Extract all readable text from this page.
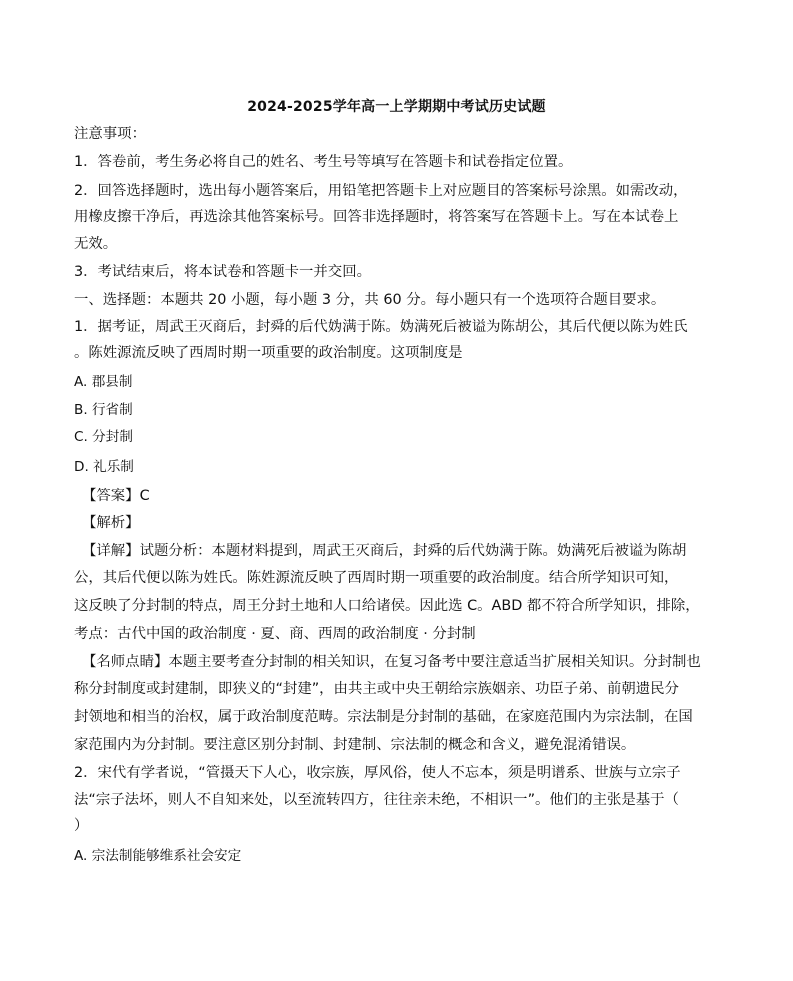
2024-2025学年高一上学期期中考试历史试题
注意事项：
1．答卷前，考生务必将自己的姓名、考生号等填写在答题卡和试卷指定位置。
2．回答选择题时，选出每小题答案后，用铅笔把答题卡上对应题目的答案标号涂黑。如需改动，
用橡皮擦干净后，再选涂其他答案标号。回答非选择题时，将答案写在答题卡上。写在本试卷上
无效。
3．考试结束后，将本试卷和答题卡一并交回。
一、选择题：本题共 20 小题，每小题 3 分，共 60 分。每小题只有一个选项符合题目要求。
1．据考证，周武王灭商后，封舜的后代妫满于陈。妫满死后被谥为陈胡公，其后代便以陈为姓氏
。陈姓源流反映了西周时期一项重要的政治制度。这项制度是
A. 郡县制
B. 行省制
C. 分封制
D. 礼乐制
【答案】C
【解析】
【详解】试题分析：本题材料提到，周武王灭商后，封舜的后代妫满于陈。妫满死后被谥为陈胡
公，其后代便以陈为姓氏。陈姓源流反映了西周时期一项重要的政治制度。结合所学知识可知，
这反映了分封制的特点，周王分封土地和人口给诸侯。因此选 C。ABD 都不符合所学知识，排除，
考点：古代中国的政治制度 · 夏、商、西周的政治制度 · 分封制
【名师点睛】本题主要考查分封制的相关知识，在复习备考中要注意适当扩展相关知识。分封制也
称分封制度或封建制，即狭义的“封建”，由共主或中央王朝给宗族姻亲、功臣子弟、前朝遗民分
封领地和相当的治权，属于政治制度范畴。宗法制是分封制的基础，在家庭范围内为宗法制，在国
家范围内为分封制。要注意区别分封制、封建制、宗法制的概念和含义，避免混淆错误。
2．宋代有学者说，“管摄天下人心，收宗族，厚风俗，使人不忘本，须是明谱系、世族与立宗子
法“宗子法坏，则人不自知来处，以至流转四方，往往亲未绝，不相识一”。他们的主张是基于（
）
A. 宗法制能够维系社会安定
